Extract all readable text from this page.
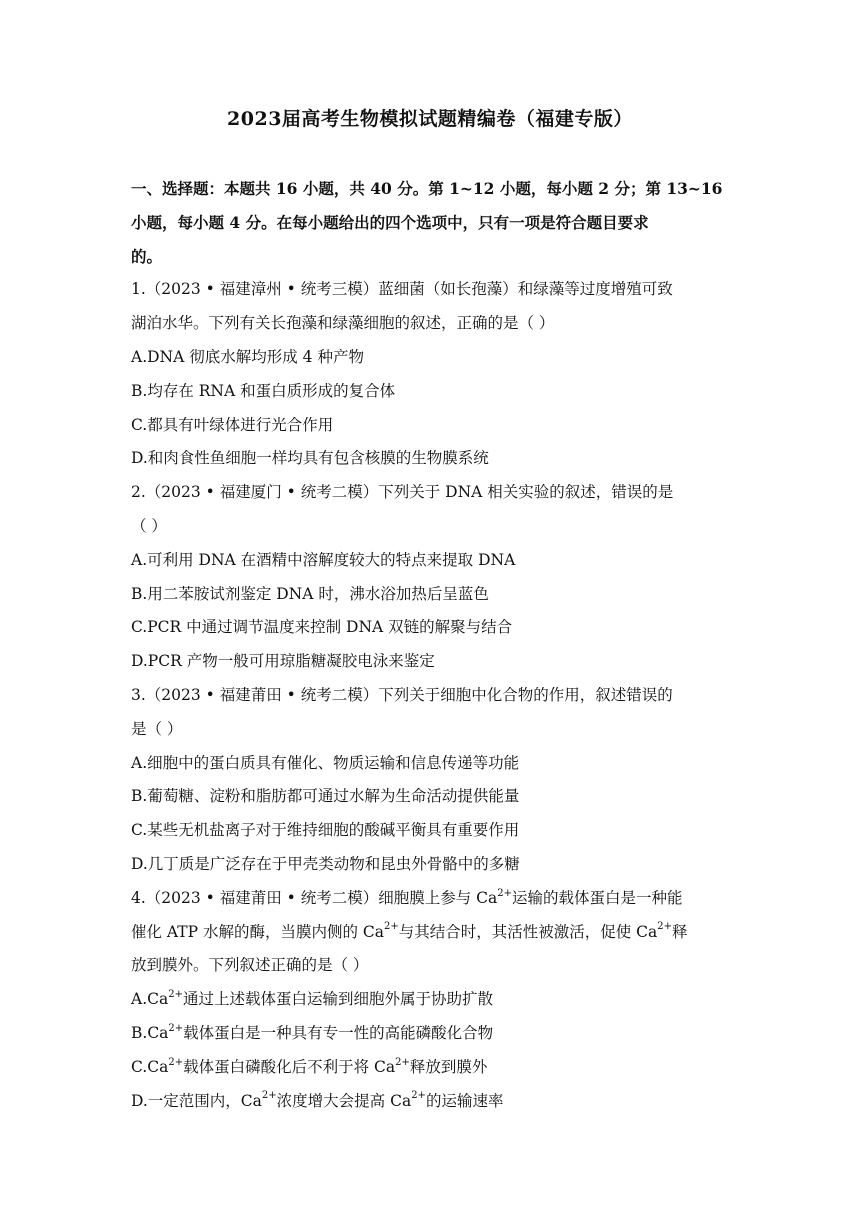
2023届高考生物模拟试题精编卷（福建专版）
一、选择题：本题共 16 小题，共 40 分。第 1~12 小题，每小题 2 分；第 13~16
小题，每小题 4 分。在每小题给出的四个选项中，只有一项是符合题目要求
的。
1.（2023 • 福建漳州 • 统考三模）蓝细菌（如长孢藻）和绿藻等过度增殖可致
湖泊水华。下列有关长孢藻和绿藻细胞的叙述，正确的是（ ）
A.DNA 彻底水解均形成 4 种产物
B.均存在 RNA 和蛋白质形成的复合体
C.都具有叶绿体进行光合作用
D.和肉食性鱼细胞一样均具有包含核膜的生物膜系统
2.（2023 • 福建厦门 • 统考二模）下列关于 DNA 相关实验的叙述，错误的是
（ ）
A.可利用 DNA 在酒精中溶解度较大的特点来提取 DNA
B.用二苯胺试剂鉴定 DNA 时，沸水浴加热后呈蓝色
C.PCR 中通过调节温度来控制 DNA 双链的解聚与结合
D.PCR 产物一般可用琼脂糖凝胶电泳来鉴定
3.（2023 • 福建莆田 • 统考二模）下列关于细胞中化合物的作用，叙述错误的
是（ ）
A.细胞中的蛋白质具有催化、物质运输和信息传递等功能
B.葡萄糖、淀粉和脂肪都可通过水解为生命活动提供能量
C.某些无机盐离子对于维持细胞的酸碱平衡具有重要作用
D.几丁质是广泛存在于甲壳类动物和昆虫外骨骼中的多糖
4.（2023 • 福建莆田 • 统考二模）细胞膜上参与 $Ca^{2+}$运输的载体蛋白是一种能
催化 ATP 水解的酶，当膜内侧的 $Ca^{2+}$与其结合时，其活性被激活，促使 $Ca^{2+}$释
放到膜外。下列叙述正确的是（ ）
$A.Ca^{2+}$通过上述载体蛋白运输到细胞外属于协助扩散
$B.Ca^{2+}$载体蛋白是一种具有专一性的高能磷酸化合物
$C.Ca^{2+}$载体蛋白磷酸化后不利于将 $Ca^{2+}$释放到膜外
D.一定范围内，$Ca^{2+}$浓度增大会提高 $Ca^{2+}$的运输速率
